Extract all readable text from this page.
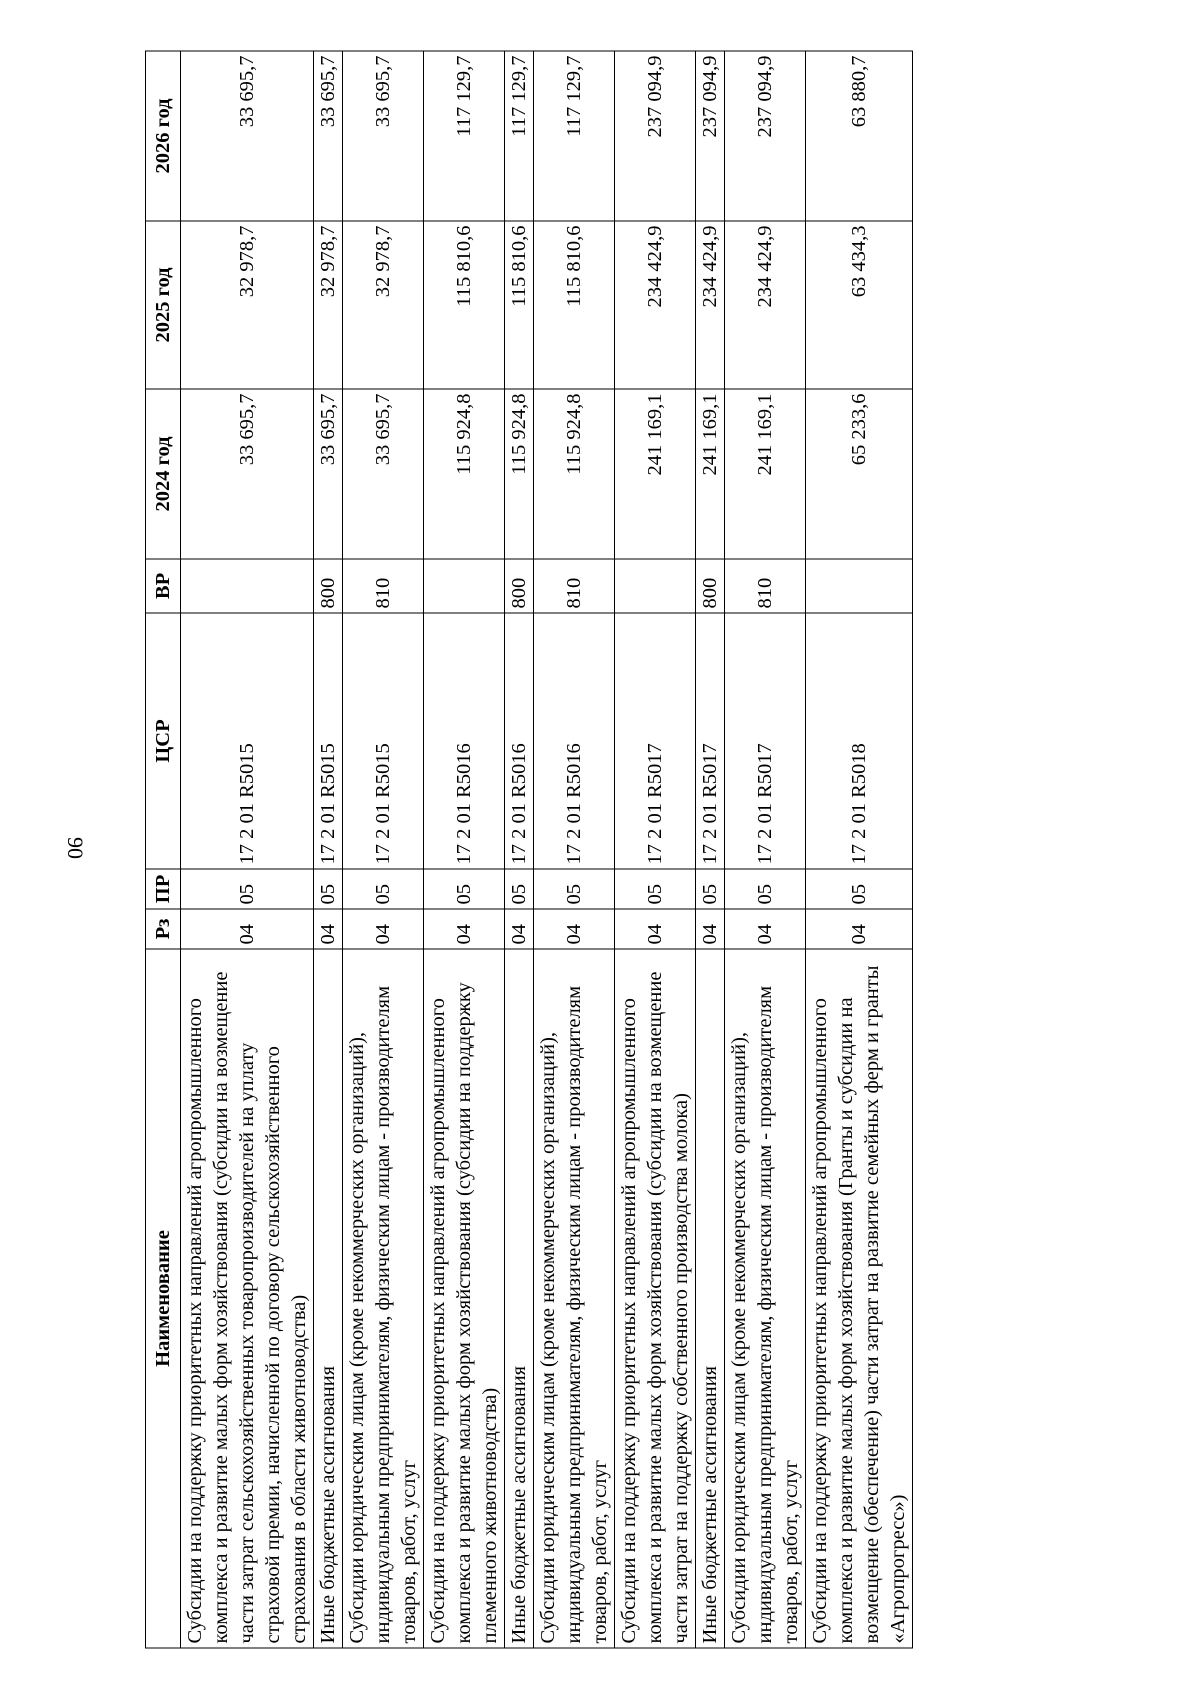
90
Наименование	Рз	ПР	ЦСР	ВР	2024 год	2025 год	2026 год
Субсидии на поддержку приоритетных направлений агропромышленного комплекса и развитие малых форм хозяйствования (субсидии на возмещение части затрат сельскохозяйственных товаропроизводителей на уплату страховой премии, начисленной по договору сельскохозяйственного страхования в области животноводства)	04	05	17 2 01 R5015		33 695,7	32 978,7	33 695,7
Иные бюджетные ассигнования	04	05	17 2 01 R5015	800	33 695,7	32 978,7	33 695,7
Субсидии юридическим лицам (кроме некоммерческих организаций), индивидуальным предпринимателям, физическим лицам - производителям товаров, работ, услуг	04	05	17 2 01 R5015	810	33 695,7	32 978,7	33 695,7
Субсидии на поддержку приоритетных направлений агропромышленного комплекса и развитие малых форм хозяйствования (субсидии на поддержку племенного животноводства)	04	05	17 2 01 R5016		115 924,8	115 810,6	117 129,7
Иные бюджетные ассигнования	04	05	17 2 01 R5016	800	115 924,8	115 810,6	117 129,7
Субсидии юридическим лицам (кроме некоммерческих организаций), индивидуальным предпринимателям, физическим лицам - производителям товаров, работ, услуг	04	05	17 2 01 R5016	810	115 924,8	115 810,6	117 129,7
Субсидии на поддержку приоритетных направлений агропромышленного комплекса и развитие малых форм хозяйствования (субсидии на возмещение части затрат на поддержку собственного производства молока)	04	05	17 2 01 R5017		241 169,1	234 424,9	237 094,9
Иные бюджетные ассигнования	04	05	17 2 01 R5017	800	241 169,1	234 424,9	237 094,9
Субсидии юридическим лицам (кроме некоммерческих организаций), индивидуальным предпринимателям, физическим лицам - производителям товаров, работ, услуг	04	05	17 2 01 R5017	810	241 169,1	234 424,9	237 094,9
Субсидии на поддержку приоритетных направлений агропромышленного комплекса и развитие малых форм хозяйствования (Гранты и субсидии на возмещение (обеспечение) части затрат на развитие семейных ферм и гранты «Агропрогресс»)	04	05	17 2 01 R5018		65 233,6	63 434,3	63 880,7
